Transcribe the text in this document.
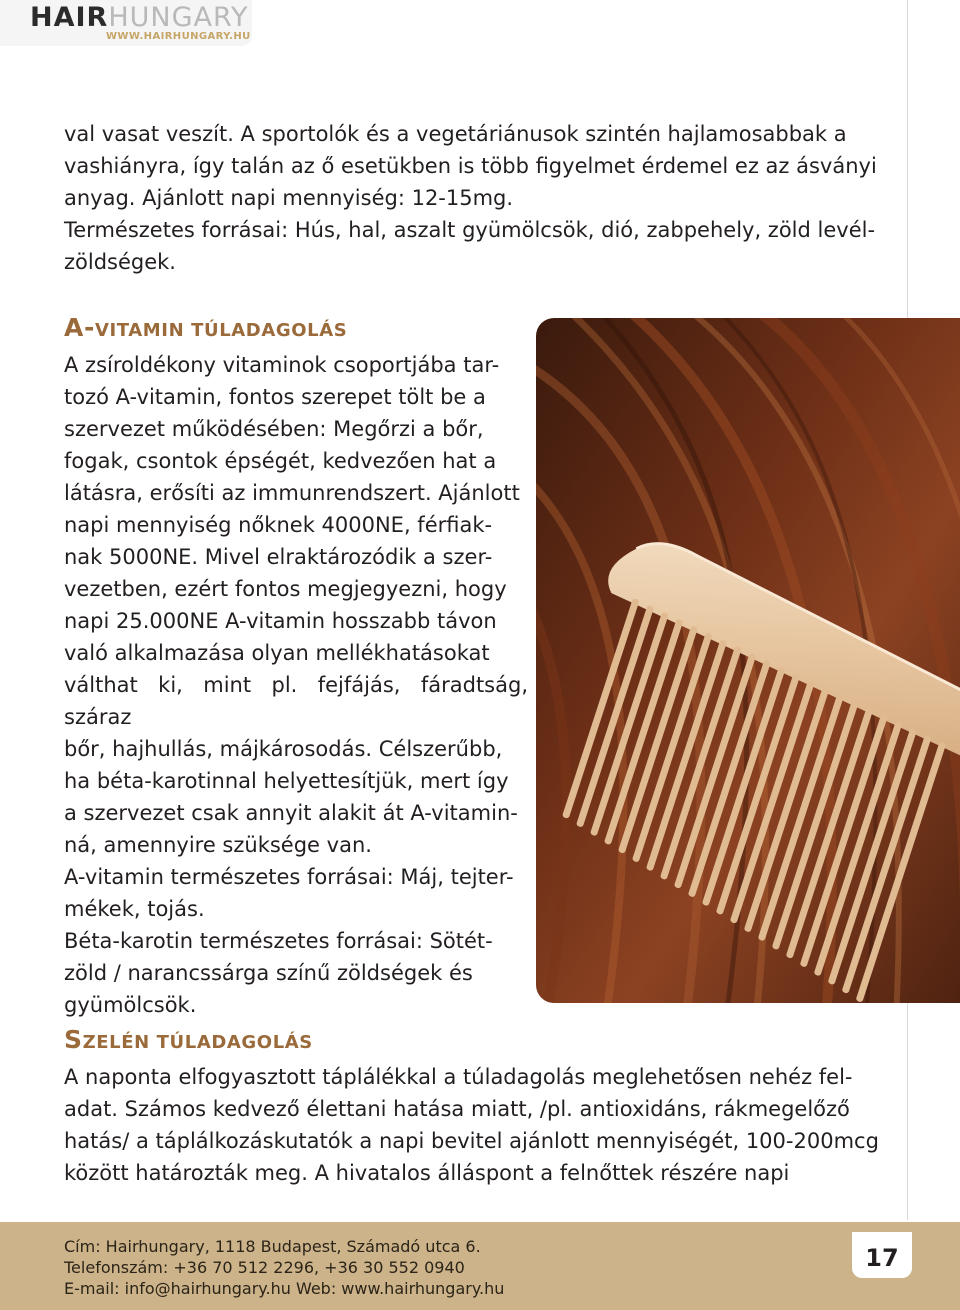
HAIRHUNGARY
WWW.HAIRHUNGARY.HU

val vasat veszít. A sportolók és a vegetáriánusok szintén hajlamosabbak a

vashiányra, így talán az ő esetükben is több figyelmet érdemel ez az ásványi

anyag. Ajánlott napi mennyiség: 12-15mg.

Természetes forrásai: Hús, hal, aszalt gyümölcsök, dió, zabpehely, zöld levél-

zöldségek.

A-VITAMIN TÚLADAGOLÁS

A zsíroldékony vitaminok csoportjába tar-

tozó A-vitamin, fontos szerepet tölt be a

szervezet működésében: Megőrzi a bőr,

fogak, csontok épségét, kedvezően hat a

látásra, erősíti az immunrendszert. Ajánlott

napi mennyiség nőknek 4000NE, férfiak-

nak 5000NE. Mivel elraktározódik a szer-

vezetben, ezért fontos megjegyezni, hogy

napi 25.000NE A-vitamin hosszabb távon

való alkalmazása olyan mellékhatásokat

válthat ki, mint pl. fejfájás, fáradtság, száraz

bőr, hajhullás, májkárosodás. Célszerűbb,

ha béta-karotinnal helyettesítjük, mert így

a szervezet csak annyit alakit át A-vitamin-

ná, amennyire szüksége van.

A-vitamin természetes forrásai: Máj, tejter-

mékek, tojás.

Béta-karotin természetes forrásai: Sötét-

zöld / narancssárga színű zöldségek és

gyümölcsök.

SZELÉN TÚLADAGOLÁS

A naponta elfogyasztott táplálékkal a túladagolás meglehetősen nehéz fel-

adat. Számos kedvező élettani hatása miatt, /pl. antioxidáns, rákmegelőző

hatás/ a táplálkozáskutatók a napi bevitel ajánlott mennyiségét, 100-200mcg

között határozták meg. A hivatalos álláspont a felnőttek részére napi

Cím: Hairhungary, 1118 Budapest, Számadó utca 6.
Telefonszám: +36 70 512 2296, +36 30 552 0940
E-mail: info@hairhungary.hu Web: www.hairhungary.hu
17
